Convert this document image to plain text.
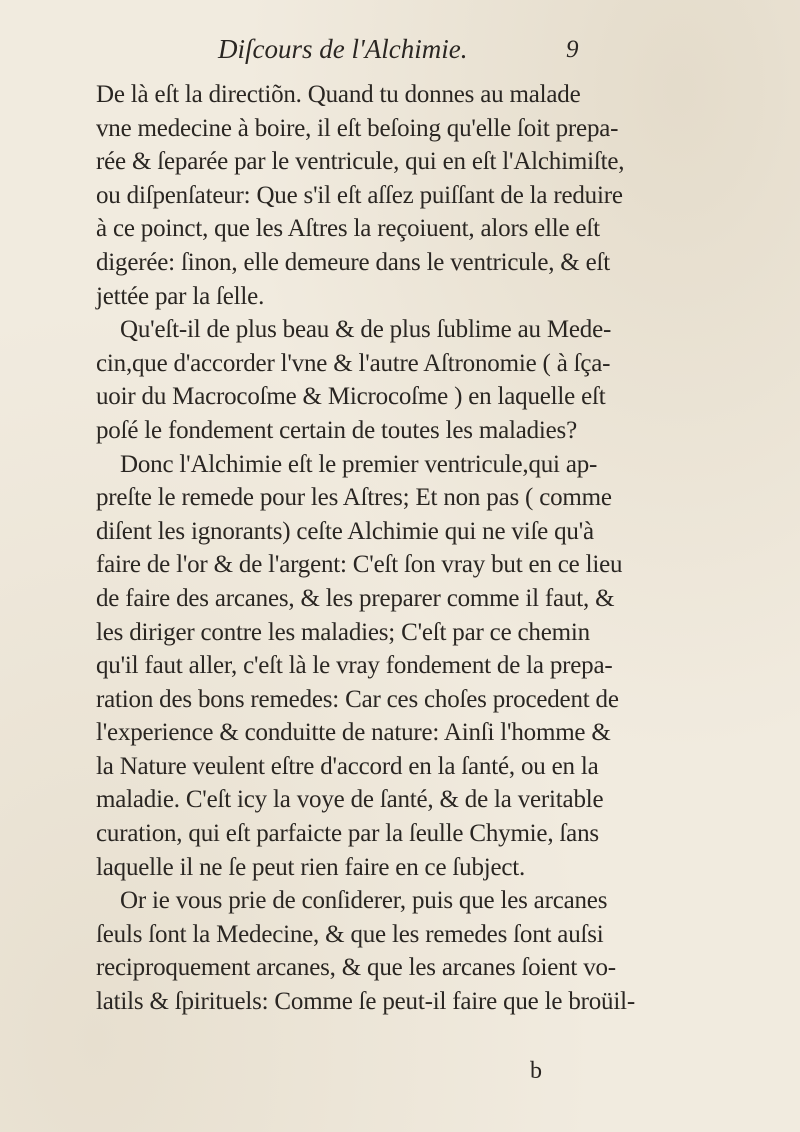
Diſcours de l'Alchimie.	9
De là eſt la directiõn. Quand tu donnes au malade
vne medecine à boire, il eſt beſoing qu'elle ſoit prepa-
rée & ſeparée par le ventricule, qui en eſt l'Alchimiſte,
ou diſpenſateur: Que s'il eſt aſſez puiſſant de la reduire
à ce poinct, que les Aſtres la reçoiuent, alors elle eſt
digerée: ſinon, elle demeure dans le ventricule, & eſt
jettée par la ſelle.
Qu'eſt-il de plus beau & de plus ſublime au Mede-
cin,que d'accorder l'vne & l'autre Aſtronomie ( à ſça-
uoir du Macrocoſme & Microcoſme ) en laquelle eſt
poſé le fondement certain de toutes les maladies?
Donc l'Alchimie eſt le premier ventricule,qui ap-
preſte le remede pour les Aſtres; Et non pas ( comme
diſent les ignorants) ceſte Alchimie qui ne viſe qu'à
faire de l'or & de l'argent: C'eſt ſon vray but en ce lieu
de faire des arcanes, & les preparer comme il faut, &
les diriger contre les maladies; C'eſt par ce chemin
qu'il faut aller, c'eſt là le vray fondement de la prepa-
ration des bons remedes: Car ces choſes procedent de
l'experience & conduitte de nature: Ainſi l'homme &
la Nature veulent eſtre d'accord en la ſanté, ou en la
maladie. C'eſt icy la voye de ſanté, & de la veritable
curation, qui eſt parfaicte par la ſeulle Chymie, ſans
laquelle il ne ſe peut rien faire en ce ſubject.
Or ie vous prie de conſiderer, puis que les arcanes
ſeuls ſont la Medecine, & que les remedes ſont auſsi
reciproquement arcanes, & que les arcanes ſoient vo-
latils & ſpirituels: Comme ſe peut-il faire que le broüil-
b
